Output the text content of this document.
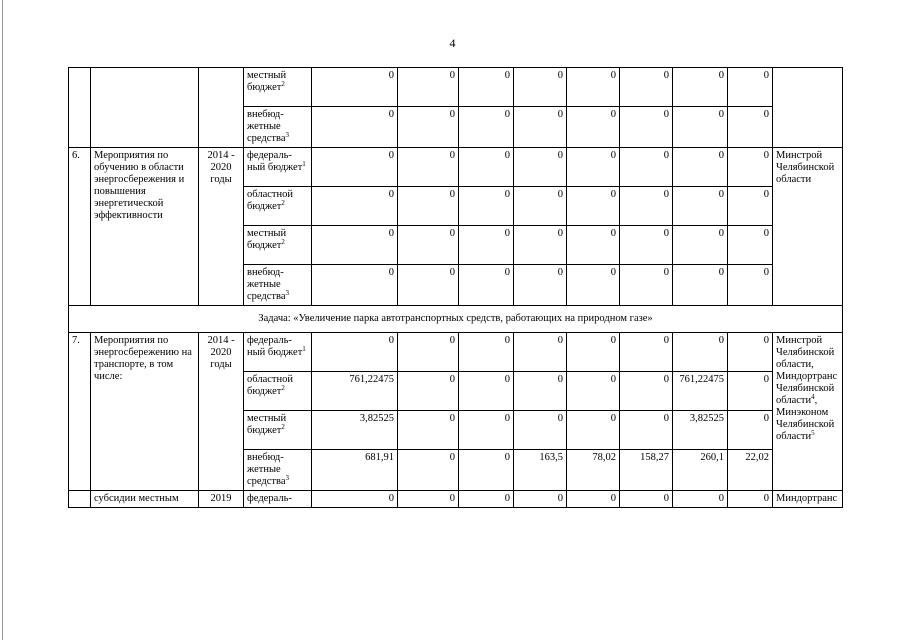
4
			местный бюджет$^2$	0	0	0	0	0	0	0	0	
			внебюд-жетные средства$^3$	0	0	0	0	0	0	0	0	
6.	Мероприятия по обучению в области энергосбережения и повышения энергетической эффективности	2014 - 2020 годы	федераль-ный бюджет$^1$	0	0	0	0	0	0	0	0	Минстрой Челябинской области
			областной бюджет$^2$	0	0	0	0	0	0	0	0	
			местный бюджет$^2$	0	0	0	0	0	0	0	0	
			внебюд-жетные средства$^3$	0	0	0	0	0	0	0	0	
Задача: «Увеличение парка автотранспортных средств, работающих на природном газе»												
7.	Мероприятия по энергосбережению на транспорте, в том числе:	2014 - 2020 годы	федераль-ный бюджет$^1$	0	0	0	0	0	0	0	0	Минстрой Челябинской области, Миндортранс Челябинской области$^4$, Минэконом Челябинской области$^5$
			областной бюджет$^2$	761,22475	0	0	0	0	0	761,22475	0	
			местный бюджет$^2$	3,82525	0	0	0	0	0	3,82525	0	
			внебюд-жетные средства$^3$	681,91	0	0	163,5	78,02	158,27	260,1	22,02	
	субсидии местным	2019	федераль-	0	0	0	0	0	0	0	0	Миндортранс
